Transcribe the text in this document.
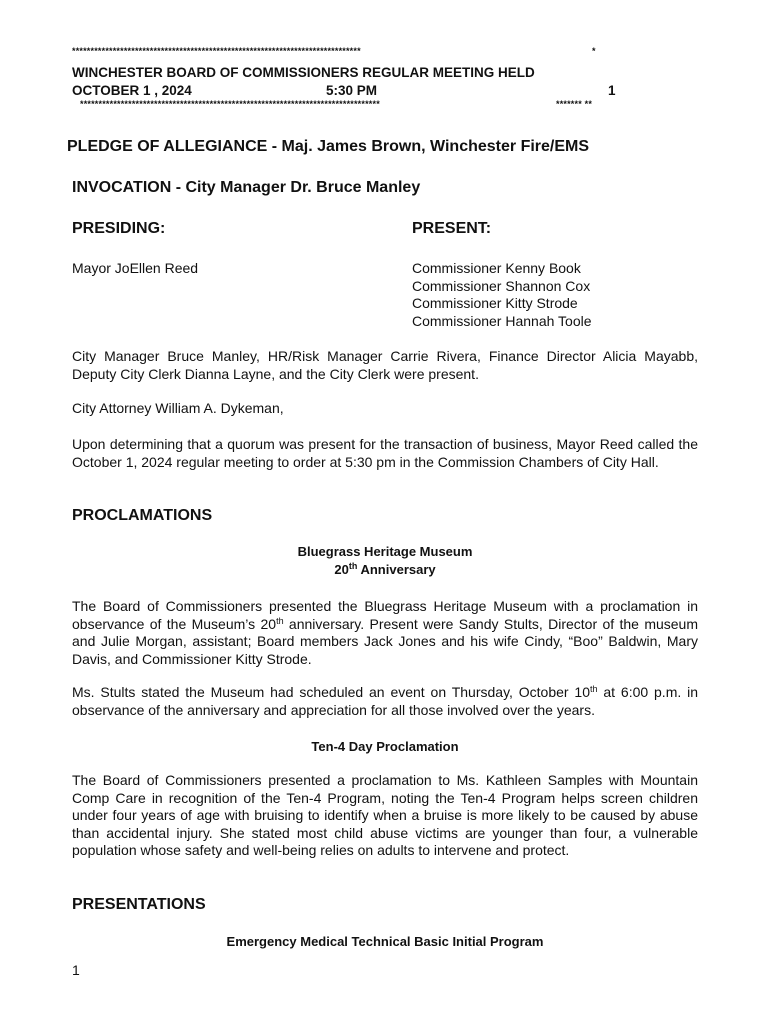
******************************************************************************	*
WINCHESTER BOARD OF COMMISSIONERS REGULAR MEETING HELD
OCTOBER 1 , 2024	5:30 PM	1
*********************************************************************************	******* **
PLEDGE OF ALLEGIANCE - Maj. James Brown, Winchester Fire/EMS
INVOCATION - City Manager Dr. Bruce Manley
PRESIDING:	PRESENT:
Mayor JoEllen Reed	Commissioner Kenny Book
Commissioner Shannon Cox
Commissioner Kitty Strode
Commissioner Hannah Toole
City Manager Bruce Manley, HR/Risk Manager Carrie Rivera, Finance Director Alicia Mayabb, Deputy City Clerk Dianna Layne, and the City Clerk were present.
City Attorney William A. Dykeman,
Upon determining that a quorum was present for the transaction of business, Mayor Reed called the October 1, 2024 regular meeting to order at 5:30 pm in the Commission Chambers of City Hall.
PROCLAMATIONS
Bluegrass Heritage Museum
20th Anniversary
The Board of Commissioners presented the Bluegrass Heritage Museum with a proclamation in observance of the Museum’s 20th anniversary. Present were Sandy Stults, Director of the museum and Julie Morgan, assistant; Board members Jack Jones and his wife Cindy, “Boo” Baldwin, Mary Davis, and Commissioner Kitty Strode.
Ms. Stults stated the Museum had scheduled an event on Thursday, October 10th at 6:00 p.m. in observance of the anniversary and appreciation for all those involved over the years.
Ten-4 Day Proclamation
The Board of Commissioners presented a proclamation to Ms. Kathleen Samples with Mountain Comp Care in recognition of the Ten-4 Program, noting the Ten-4 Program helps screen children under four years of age with bruising to identify when a bruise is more likely to be caused by abuse than accidental injury. She stated most child abuse victims are younger than four, a vulnerable population whose safety and well-being relies on adults to intervene and protect.
PRESENTATIONS
Emergency Medical Technical Basic Initial Program
1
